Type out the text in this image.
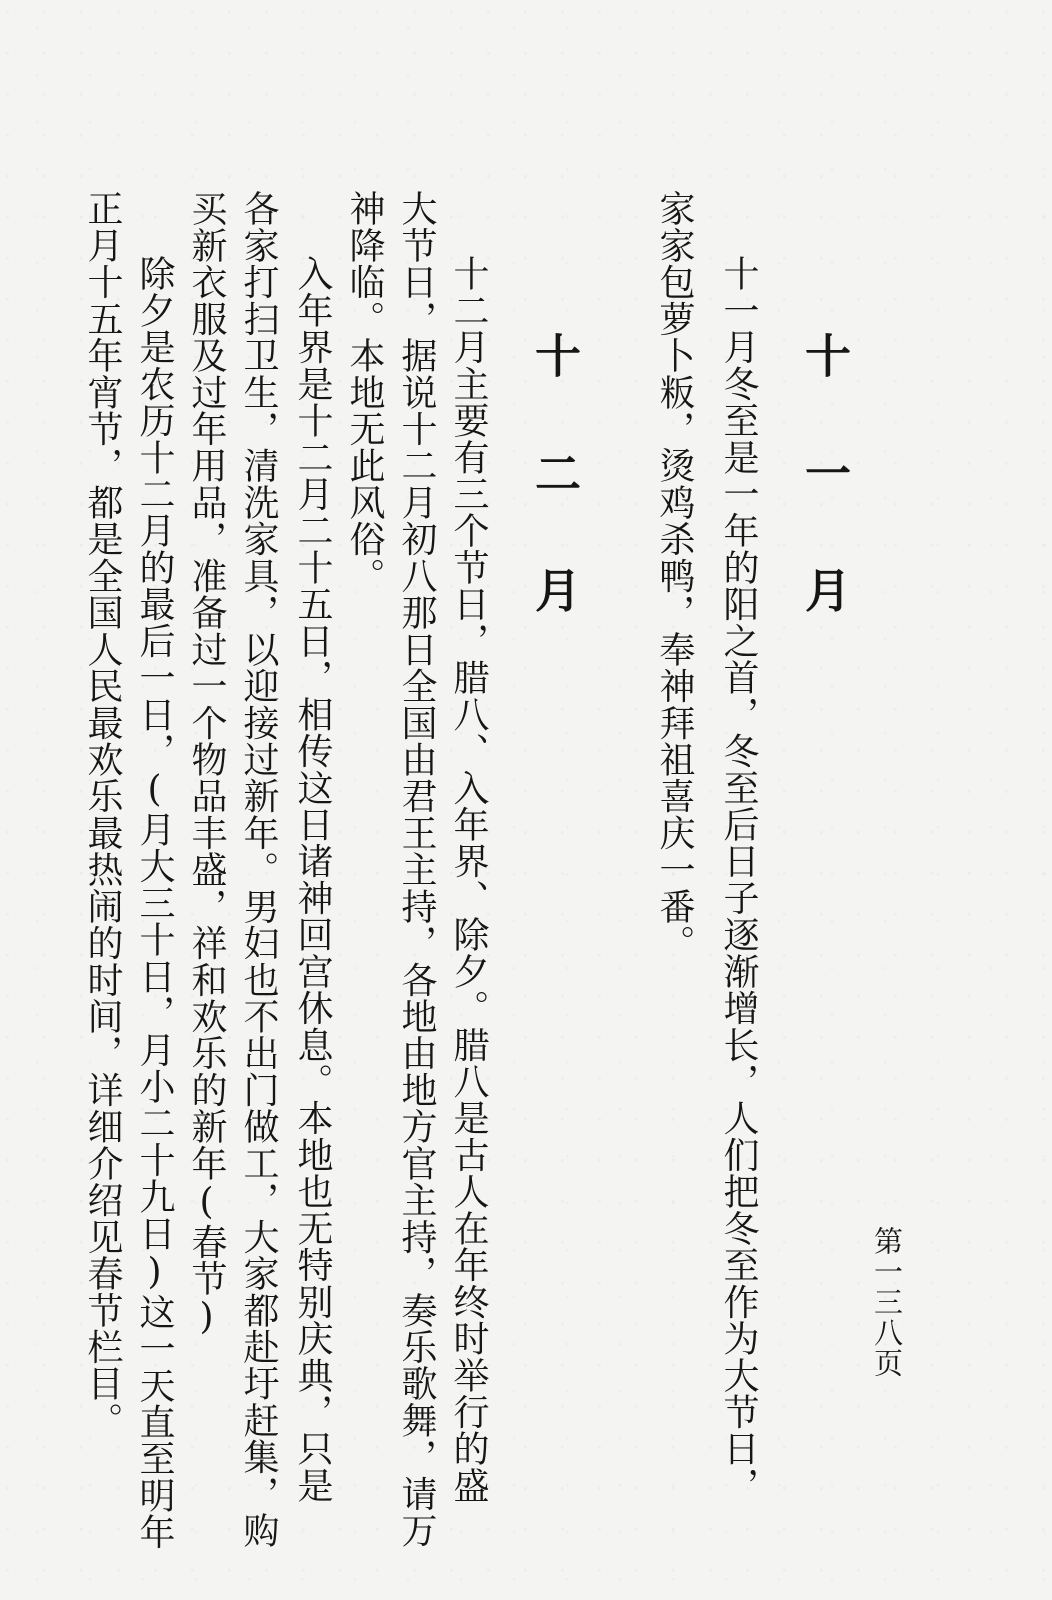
第一三八页

十一月

十一月冬至是一年的阳之首，冬至后日子逐渐增长，人们把冬至作为大节日，

家家包萝卜粄，烫鸡杀鸭，奉神拜祖喜庆一番。

十二月

十二月主要有三个节日，腊八、入年界、除夕。腊八是古人在年终时举行的盛

大节日，据说十二月初八那日全国由君王主持，各地由地方官主持，奏乐歌舞，请万

神降临。本地无此风俗。

入年界是十二月二十五日，相传这日诸神回宫休息。本地也无特别庆典，只是

各家打扫卫生，清洗家具，以迎接过新年。男妇也不出门做工，大家都赴圩赶集，购

买新衣服及过年用品，准备过一个物品丰盛，祥和欢乐的新年(春节)

除夕是农历十二月的最后一日，(月大三十日，月小二十九日)这一天直至明年

正月十五年宵节，都是全国人民最欢乐最热闹的时间，详细介绍见春节栏目。
